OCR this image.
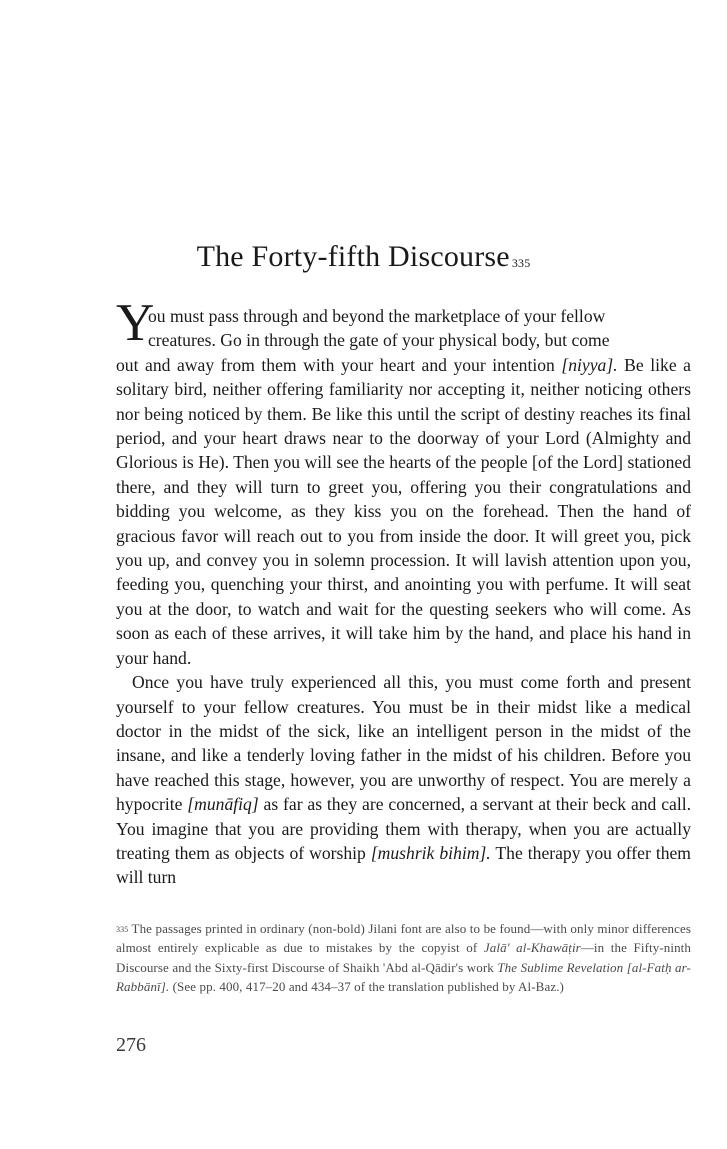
The Forty-fifth Discourse $^{335}$

Y
ou must pass through and beyond the marketplace of your fellow
creatures. Go in through the gate of your physical body, but come
out and away from them with your heart and your intention [niyya]. Be like a solitary bird, neither offering familiarity nor accepting it, neither noticing others nor being noticed by them. Be like this until the script of destiny reaches its final period, and your heart draws near to the doorway of your Lord (Almighty and Glorious is He). Then you will see the hearts of the people [of the Lord] stationed there, and they will turn to greet you, offering you their congratulations and bidding you welcome, as they kiss you on the forehead. Then the hand of gracious favor will reach out to you from inside the door. It will greet you, pick you up, and convey you in solemn procession. It will lavish attention upon you, feeding you, quenching your thirst, and anointing you with perfume. It will seat you at the door, to watch and wait for the questing seekers who will come. As soon as each of these arrives, it will take him by the hand, and place his hand in your hand.

Once you have truly experienced all this, you must come forth and present yourself to your fellow creatures. You must be in their midst like a medical doctor in the midst of the sick, like an intelligent person in the midst of the insane, and like a tenderly loving father in the midst of his children. Before you have reached this stage, however, you are unworthy of respect. You are merely a hypocrite [munāfiq] as far as they are concerned, a servant at their beck and call. You imagine that you are providing them with therapy, when you are actually treating them as objects of worship [mushrik bihim]. The therapy you offer them will turn

$^{335}$ The passages printed in ordinary (non-bold) Jilani font are also to be found—with only minor differences almost entirely explicable as due to mistakes by the copyist of Jalā' al-Khawāṭir—in the Fifty-ninth Discourse and the Sixty-first Discourse of Shaikh 'Abd al-Qādir's work The Sublime Revelation [al-Fatḥ ar-Rabbānī]. (See pp. 400, 417–20 and 434–37 of the translation published by Al-Baz.)
276
